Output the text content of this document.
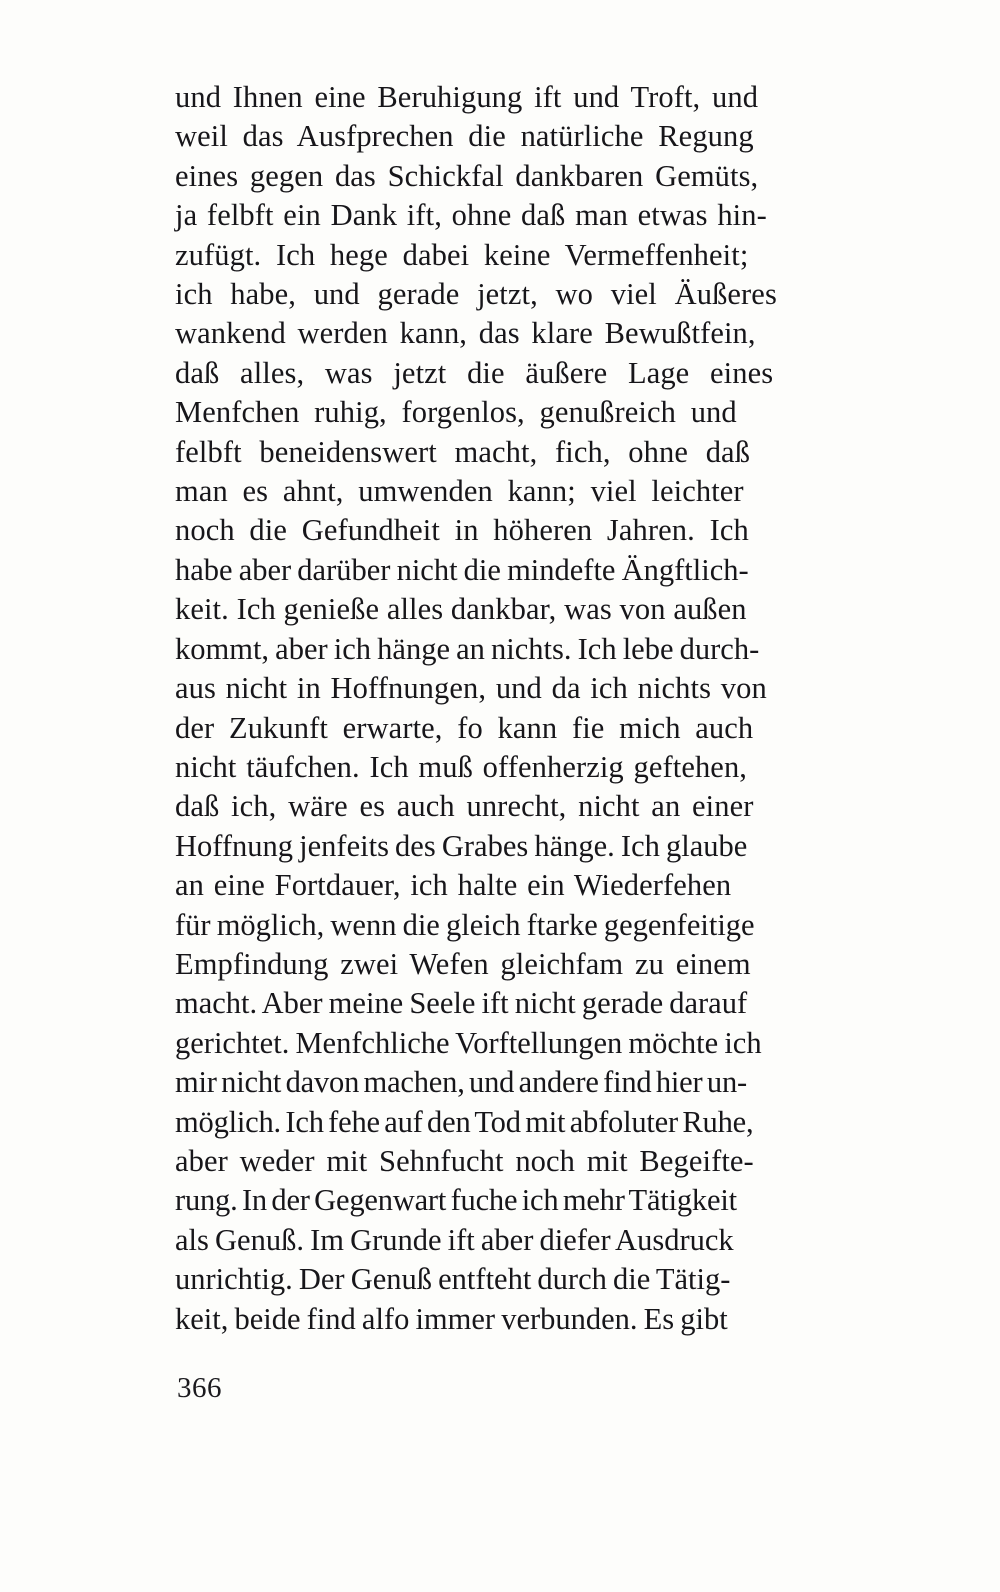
und Ihnen eine Beruhigung ift und Troft, und
weil das Ausfprechen die natürliche Regung
eines gegen das Schickfal dankbaren Gemüts,
ja felbft ein Dank ift, ohne daß man etwas hin-
zufügt. Ich hege dabei keine Vermeffenheit;
ich habe, und gerade jetzt, wo viel Äußeres
wankend werden kann, das klare Bewußtfein,
daß alles, was jetzt die äußere Lage eines
Menfchen ruhig, forgenlos, genußreich und
felbft beneidenswert macht, fich, ohne daß
man es ahnt, umwenden kann; viel leichter
noch die Gefundheit in höheren Jahren. Ich
habe aber darüber nicht die mindefte Ängftlich-
keit. Ich genieße alles dankbar, was von außen
kommt, aber ich hänge an nichts. Ich lebe durch-
aus nicht in Hoffnungen, und da ich nichts von
der Zukunft erwarte, fo kann fie mich auch
nicht täufchen. Ich muß offenherzig geftehen,
daß ich, wäre es auch unrecht, nicht an einer
Hoffnung jenfeits des Grabes hänge. Ich glaube
an eine Fortdauer, ich halte ein Wiederfehen
für möglich, wenn die gleich ftarke gegenfeitige
Empfindung zwei Wefen gleichfam zu einem
macht. Aber meine Seele ift nicht gerade darauf
gerichtet. Menfchliche Vorftellungen möchte ich
mir nicht davon machen, und andere find hier un-
möglich. Ich fehe auf den Tod mit abfoluter Ruhe,
aber weder mit Sehnfucht noch mit Begeifte-
rung. In der Gegenwart fuche ich mehr Tätigkeit
als Genuß. Im Grunde ift aber diefer Ausdruck
unrichtig. Der Genuß entfteht durch die Tätig-
keit, beide find alfo immer verbunden. Es gibt
366
